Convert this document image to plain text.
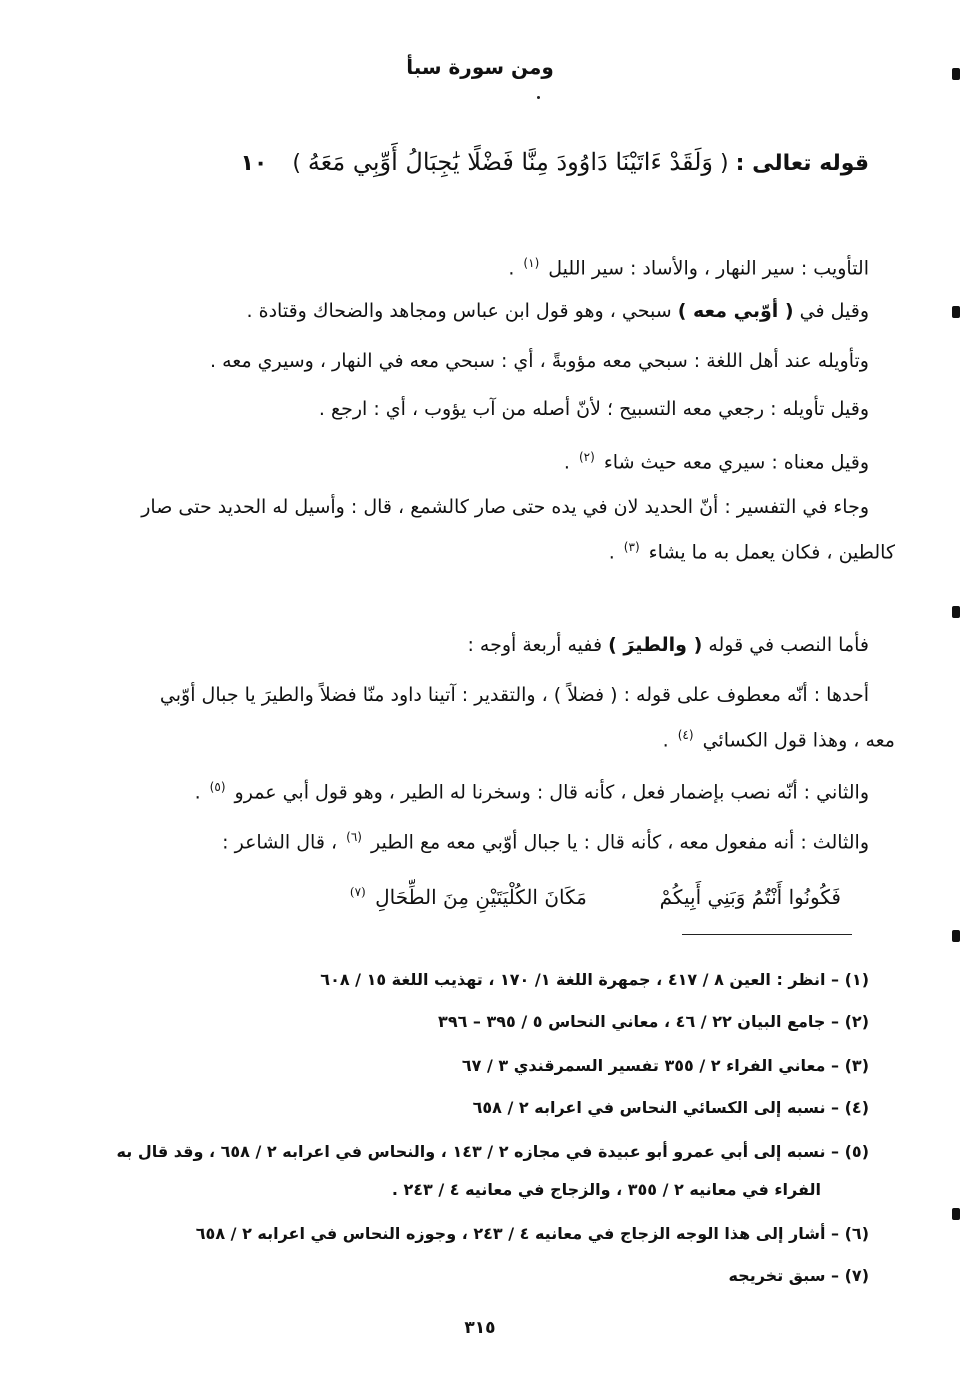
ومن سورة سبأ
قوله تعالى : ( وَلَقَدْ ءَاتَيْنَا دَاوُودَ مِنَّا فَضْلًا يَٰجِبَالُ أَوِّبِي مَعَهُ ) ١٠
التأويب : سير النهار ، والأساد : سير الليل $^{(١)}$ .
وقيل في ( أوّبي معه ) سبحي ، وهو قول ابن عباس ومجاهد والضحاك وقتادة .
وتأويله عند أهل اللغة : سبحي معه مؤوبةً ، أي : سبحي معه في النهار ، وسيري معه .
وقيل تأويله : رجعي معه التسبيح ؛ لأنّ أصله من آب يؤوب ، أي : ارجع .
وقيل معناه : سيري معه حيث شاء $^{(٢)}$ .
وجاء في التفسير : أنّ الحديد لان في يده حتى صار كالشمع ، قال : وأسيل له الحديد حتى صار
كالطين ، فكان يعمل به ما يشاء $^{(٣)}$ .
فأما النصب في قوله ( والطيرَ ) ففيه أربعة أوجه :
أحدها : أنّه معطوف على قوله : ( فضلاً ) ، والتقدير : آتينا داود منّا فضلاً والطيرَ يا جبال أوّبي
معه ، وهذا قول الكسائي $^{(٤)}$ .
والثاني : أنّه نصب بإضمار فعل ، كأنه قال : وسخرنا له الطير ، وهو قول أبي عمرو $^{(٥)}$ .
والثالث : أنه مفعول معه ، كأنه قال : يا جبال أوّبي معه مع الطير $^{(٦)}$ ، قال الشاعر :
فَكُونُوا أَنْتُمُ وَبَنِي أَبِيكُمْ  مَكَانَ الكُلْيَتَيْنِ مِنَ الطِّحَالِ $^{(٧)}$
(١) – انظر : العين ٨ / ٤١٧ ، جمهرة اللغة ١/ ١٧٠ ، تهذيب اللغة ١٥ / ٦٠٨
(٢) – جامع البيان ٢٢ / ٤٦ ، معاني النحاس ٥ / ٣٩٥ – ٣٩٦
(٣) – معاني الفراء ٢ / ٣٥٥ تفسير السمرقندي ٣ / ٦٧
(٤) – نسبه إلى الكسائي النحاس في اعرابه ٢ / ٦٥٨
(٥) – نسبه إلى أبي عمرو أبو عبيدة في مجازه ٢ / ١٤٣ ، والنحاس في اعرابه ٢ / ٦٥٨ ، وقد قال به
الفراء في معانيه ٢ / ٣٥٥ ، والزجاج في معانيه ٤ / ٢٤٣ .
(٦) – أشار إلى هذا الوجه الزجاج في معانيه ٤ / ٢٤٣ ، وجوزه النحاس في اعرابه ٢ / ٦٥٨
(٧) – سبق تخريجه
٣١٥
